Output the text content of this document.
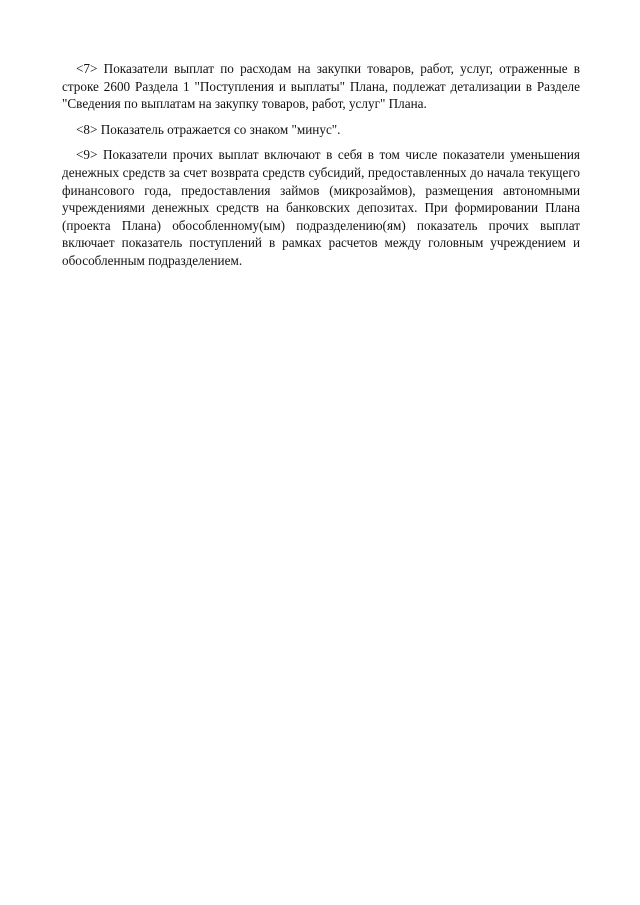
<7> Показатели выплат по расходам на закупки товаров, работ, услуг, отраженные в строке 2600 Раздела 1 "Поступления и выплаты" Плана, подлежат детализации в Разделе "Сведения по выплатам на закупку товаров, работ, услуг" Плана.

<8> Показатель отражается со знаком "минус".

<9> Показатели прочих выплат включают в себя в том числе показатели уменьшения денежных средств за счет возврата средств субсидий, предоставленных до начала текущего финансового года, предоставления займов (микрозаймов), размещения автономными учреждениями денежных средств на банковских депозитах. При формировании Плана (проекта Плана) обособленному(ым) подразделению(ям) показатель прочих выплат включает показатель поступлений в рамках расчетов между головным учреждением и обособленным подразделением.
